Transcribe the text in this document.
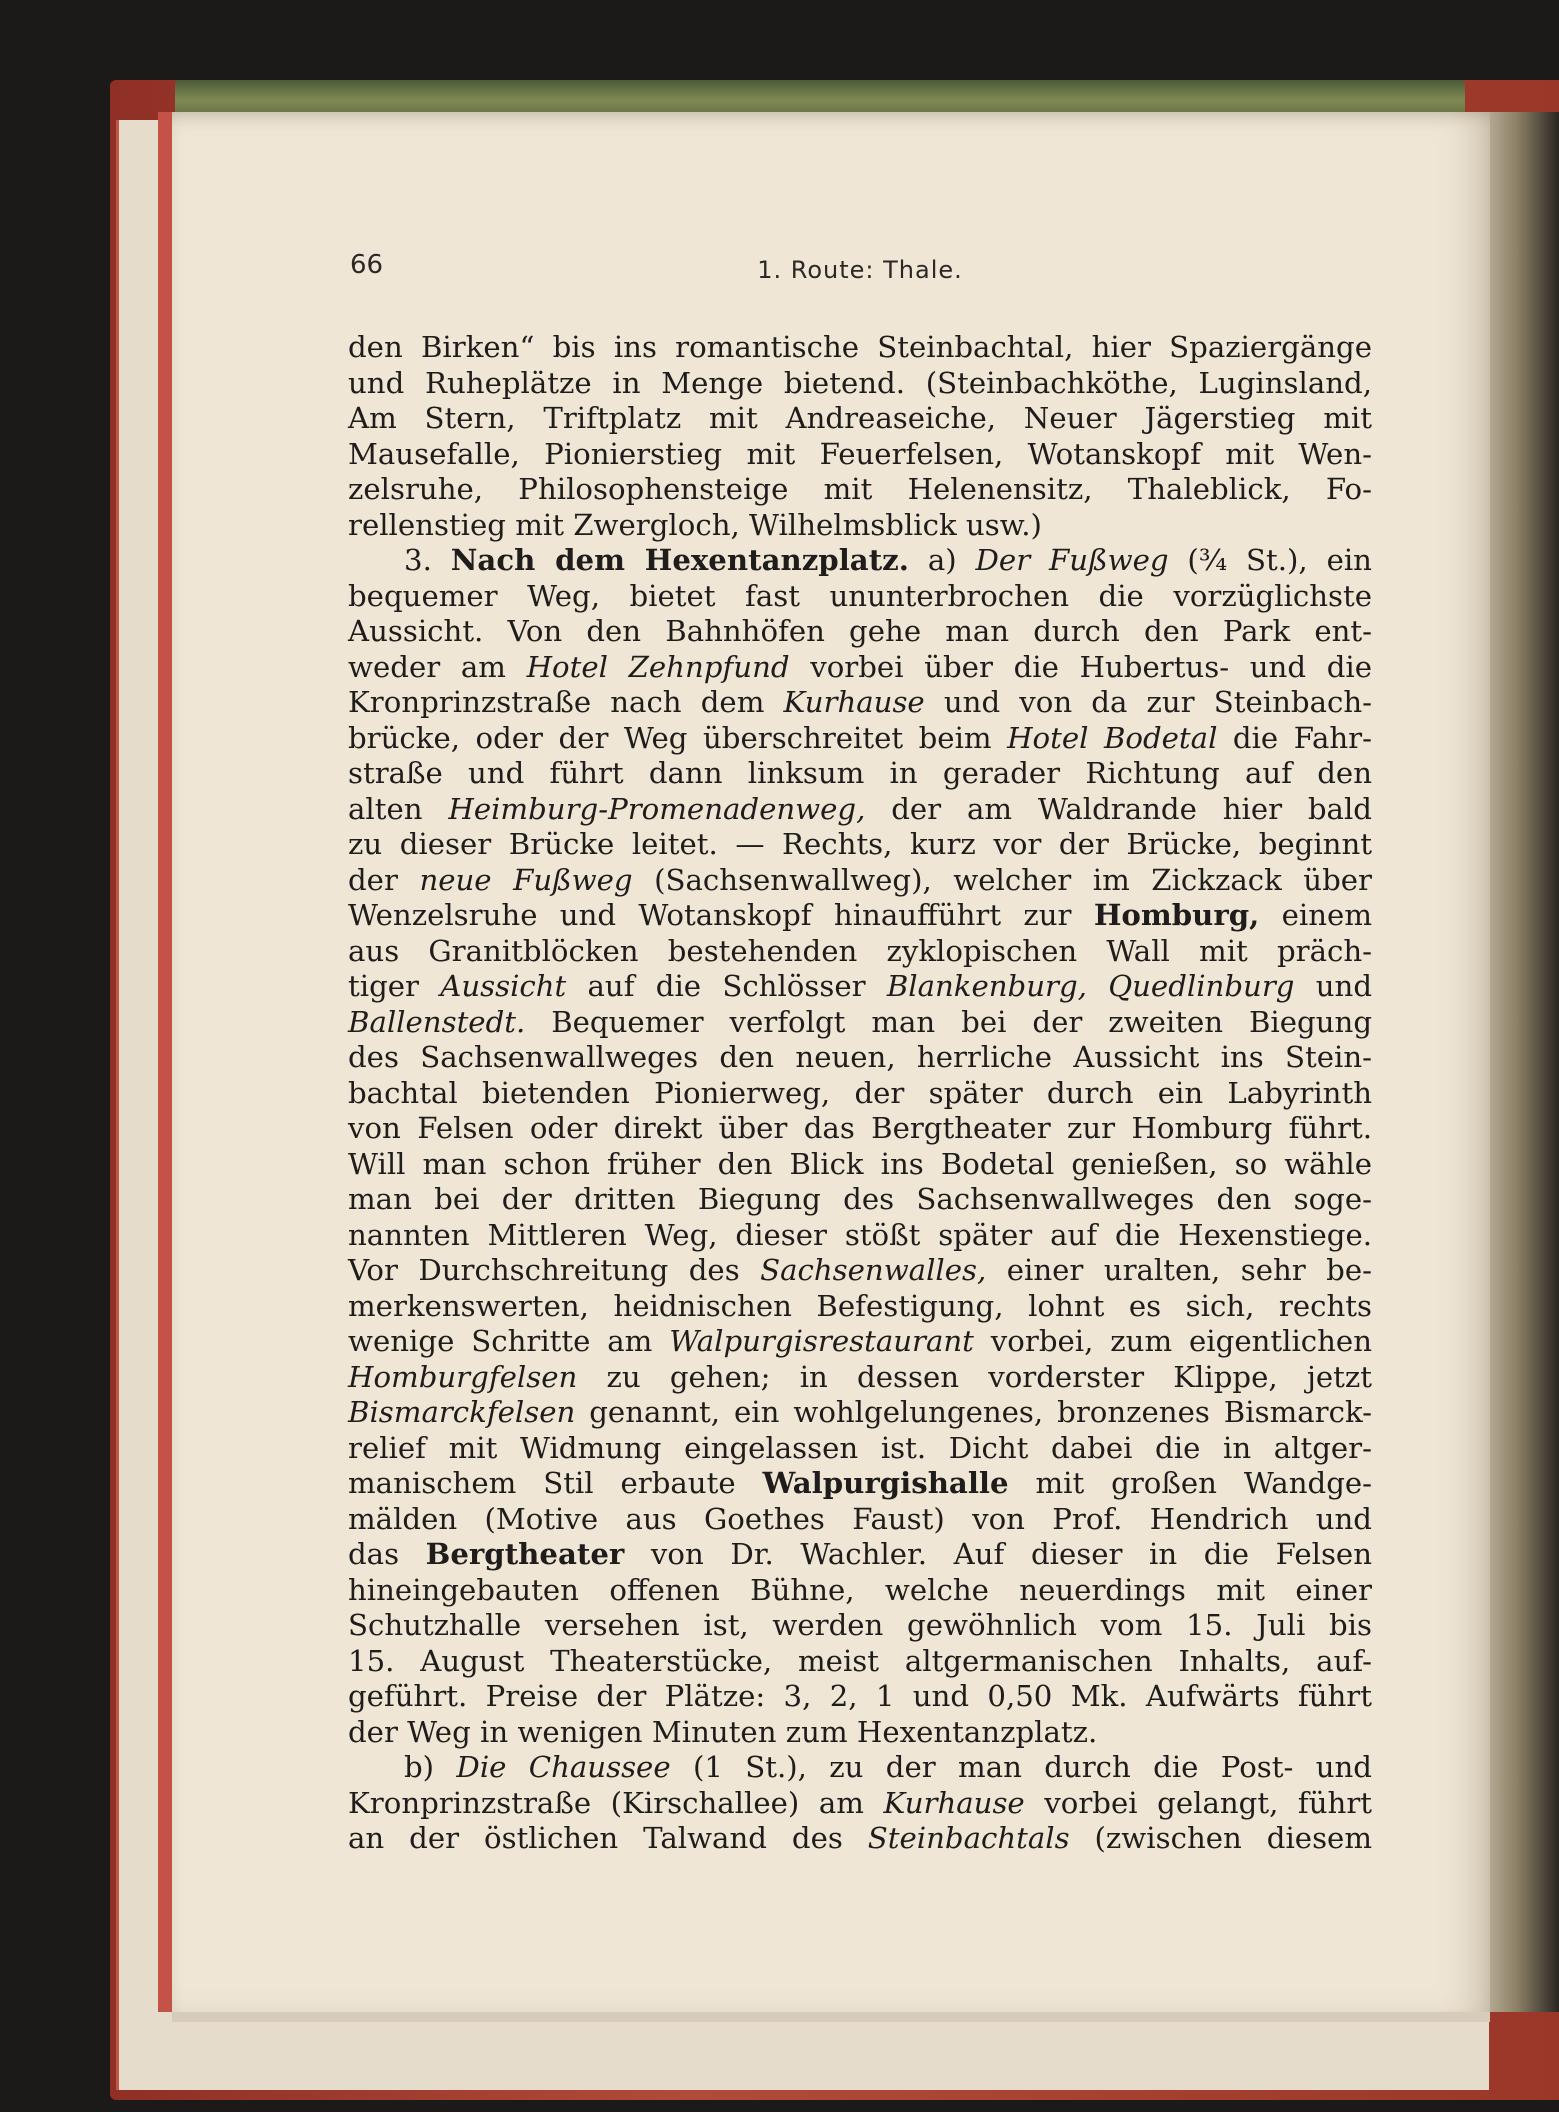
66	1. Route: Thale.
den Birken“ bis ins romantische Steinbachtal, hier Spaziergänge
und Ruheplätze in Menge bietend. (Steinbachköthe, Luginsland,
Am Stern, Triftplatz mit Andreaseiche, Neuer Jägerstieg mit
Mausefalle, Pionierstieg mit Feuerfelsen, Wotanskopf mit Wen-
zelsruhe, Philosophensteige mit Helenensitz, Thaleblick, Fo-
rellenstieg mit Zwergloch, Wilhelmsblick usw.)
3. Nach dem Hexentanzplatz. a) Der Fußweg (¾ St.), ein
bequemer Weg, bietet fast ununterbrochen die vorzüglichste
Aussicht. Von den Bahnhöfen gehe man durch den Park ent-
weder am Hotel Zehnpfund vorbei über die Hubertus- und die
Kronprinzstraße nach dem Kurhause und von da zur Steinbach-
brücke, oder der Weg überschreitet beim Hotel Bodetal die Fahr-
straße und führt dann linksum in gerader Richtung auf den
alten Heimburg-Promenadenweg, der am Waldrande hier bald
zu dieser Brücke leitet. — Rechts, kurz vor der Brücke, beginnt
der neue Fußweg (Sachsenwallweg), welcher im Zickzack über
Wenzelsruhe und Wotanskopf hinaufführt zur Homburg, einem
aus Granitblöcken bestehenden zyklopischen Wall mit präch-
tiger Aussicht auf die Schlösser Blankenburg, Quedlinburg und
Ballenstedt. Bequemer verfolgt man bei der zweiten Biegung
des Sachsenwallweges den neuen, herrliche Aussicht ins Stein-
bachtal bietenden Pionierweg, der später durch ein Labyrinth
von Felsen oder direkt über das Bergtheater zur Homburg führt.
Will man schon früher den Blick ins Bodetal genießen, so wähle
man bei der dritten Biegung des Sachsenwallweges den soge-
nannten Mittleren Weg, dieser stößt später auf die Hexenstiege.
Vor Durchschreitung des Sachsenwalles, einer uralten, sehr be-
merkenswerten, heidnischen Befestigung, lohnt es sich, rechts
wenige Schritte am Walpurgisrestaurant vorbei, zum eigentlichen
Homburgfelsen zu gehen; in dessen vorderster Klippe, jetzt
Bismarckfelsen genannt, ein wohlgelungenes, bronzenes Bismarck-
relief mit Widmung eingelassen ist. Dicht dabei die in altger-
manischem Stil erbaute Walpurgishalle mit großen Wandge-
mälden (Motive aus Goethes Faust) von Prof. Hendrich und
das Bergtheater von Dr. Wachler. Auf dieser in die Felsen
hineingebauten offenen Bühne, welche neuerdings mit einer
Schutzhalle versehen ist, werden gewöhnlich vom 15. Juli bis
15. August Theaterstücke, meist altgermanischen Inhalts, auf-
geführt. Preise der Plätze: 3, 2, 1 und 0,50 Mk. Aufwärts führt
der Weg in wenigen Minuten zum Hexentanzplatz.
b) Die Chaussee (1 St.), zu der man durch die Post- und
Kronprinzstraße (Kirschallee) am Kurhause vorbei gelangt, führt
an der östlichen Talwand des Steinbachtals (zwischen diesem
